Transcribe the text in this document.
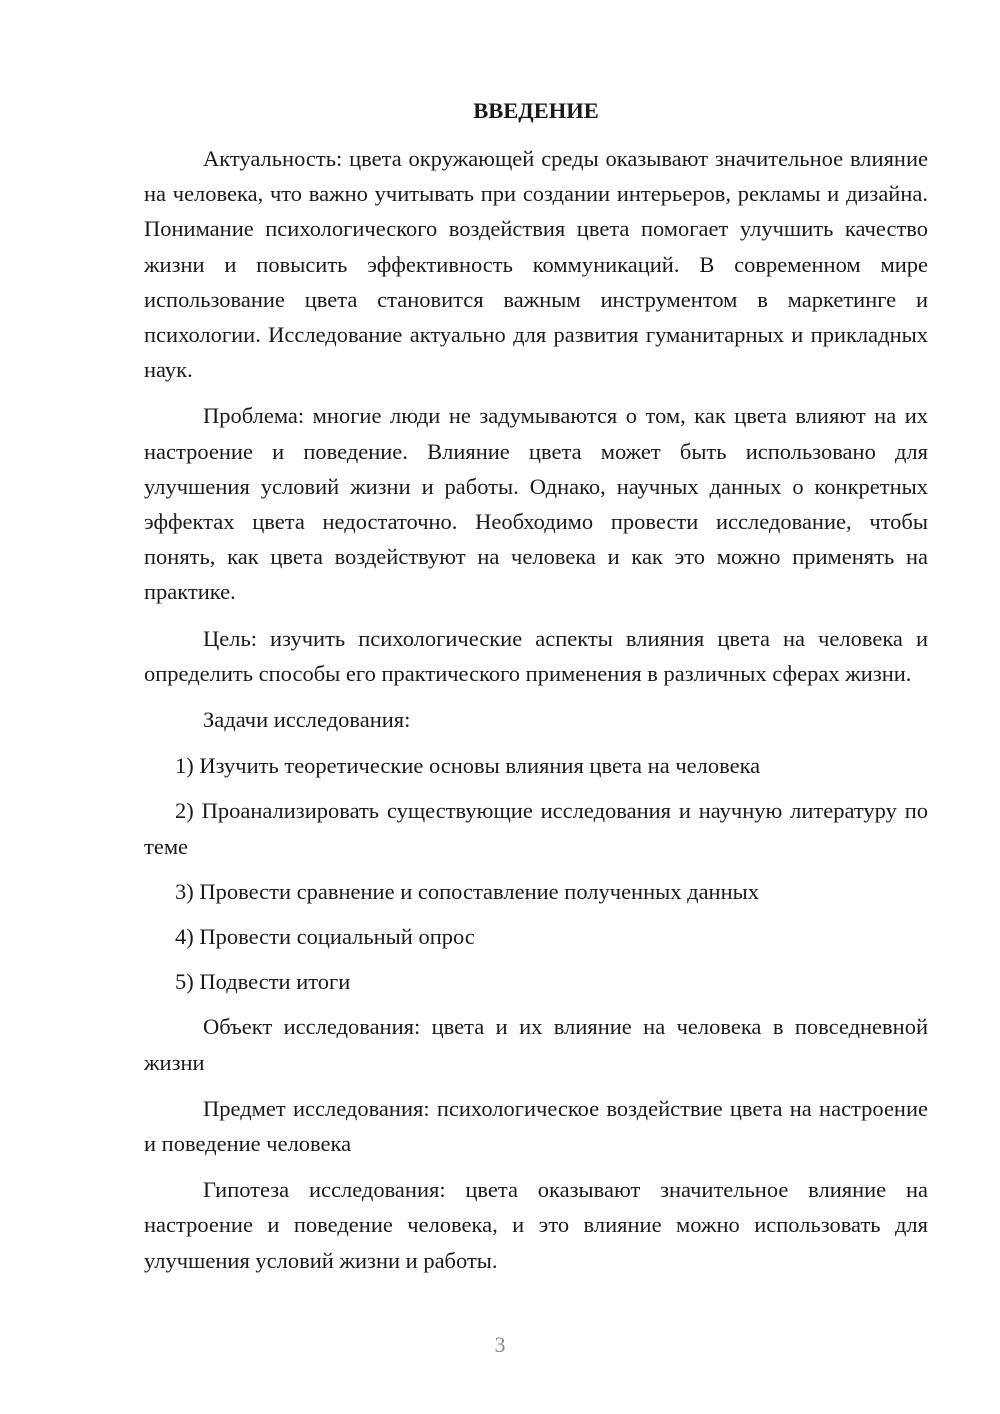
ВВЕДЕНИЕ

Актуальность: цвета окружающей среды оказывают значительное влияние на человека, что важно учитывать при создании интерьеров, рекламы и дизайна. Понимание психологического воздействия цвета помогает улучшить качество жизни и повысить эффективность коммуникаций. В современном мире использование цвета становится важным инструментом в маркетинге и психологии. Исследование актуально для развития гуманитарных и прикладных наук.

Проблема: многие люди не задумываются о том, как цвета влияют на их настроение и поведение. Влияние цвета может быть использовано для улучшения условий жизни и работы. Однако, научных данных о конкретных эффектах цвета недостаточно. Необходимо провести исследование, чтобы понять, как цвета воздействуют на человека и как это можно применять на практике.

Цель: изучить психологические аспекты влияния цвета на человека и определить способы его практического применения в различных сферах жизни.

Задачи исследования:

1) Изучить теоретические основы влияния цвета на человека

2) Проанализировать существующие исследования и научную литературу по теме

3) Провести сравнение и сопоставление полученных данных

4) Провести социальный опрос

5) Подвести итоги

Объект исследования: цвета и их влияние на человека в повседневной жизни

Предмет исследования: психологическое воздействие цвета на настроение и поведение человека

Гипотеза исследования: цвета оказывают значительное влияние на настроение и поведение человека, и это влияние можно использовать для улучшения условий жизни и работы.

3
